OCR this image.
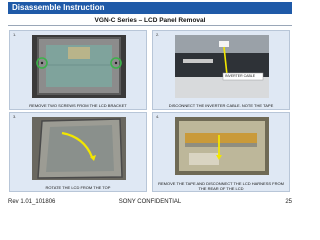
Disassemble Instruction
VGN-C Series – LCD Panel Removal
1.
REMOVE TWO SCREWS FROM THE LCD BRACKET
2.
INVERTER CABLE
DISCONNECT THE INVERTER CABLE. NOTE THE TAPE
3.
ROTATE THE LCD FROM THE TOP
4.
REMOVE THE TAPE AND DISCONNECT THE LCD HARNESS FROM THE REAR OF THE LCD
Rev 1.01_101806	SONY CONFIDENTIAL	25
